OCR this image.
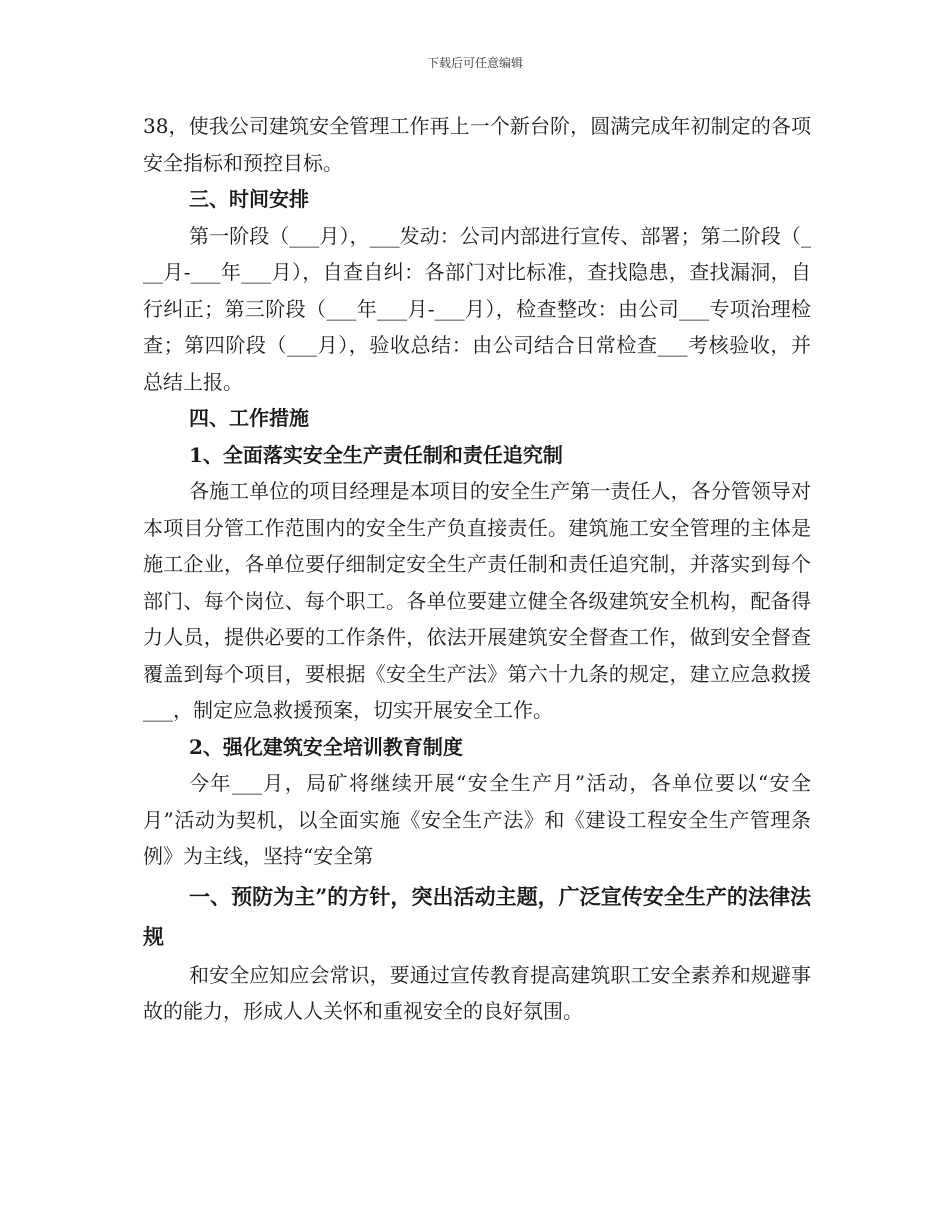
下载后可任意编辑

38，使我公司建筑安全管理工作再上一个新台阶，圆满完成年初制定的各项安全指标和预控目标。

三、时间安排

第一阶段（___月），___发动：公司内部进行宣传、部署；第二阶段（___月-___年___月），自查自纠：各部门对比标准，查找隐患，查找漏洞，自行纠正；第三阶段（___年___月-___月），检查整改：由公司___专项治理检查；第四阶段（___月），验收总结：由公司结合日常检查___考核验收，并总结上报。

四、工作措施

1、全面落实安全生产责任制和责任追究制

各施工单位的项目经理是本项目的安全生产第一责任人，各分管领导对本项目分管工作范围内的安全生产负直接责任。建筑施工安全管理的主体是施工企业，各单位要仔细制定安全生产责任制和责任追究制，并落实到每个部门、每个岗位、每个职工。各单位要建立健全各级建筑安全机构，配备得力人员，提供必要的工作条件，依法开展建筑安全督查工作，做到安全督查覆盖到每个项目，要根据《安全生产法》第六十九条的规定，建立应急救援___，制定应急救援预案，切实开展安全工作。

2、强化建筑安全培训教育制度

今年___月，局矿将继续开展“安全生产月”活动，各单位要以“安全月”活动为契机，以全面实施《安全生产法》和《建设工程安全生产管理条例》为主线，坚持“安全第

一、预防为主”的方针，突出活动主题，广泛宣传安全生产的法律法规

和安全应知应会常识，要通过宣传教育提高建筑职工安全素养和规避事故的能力，形成人人关怀和重视安全的良好氛围。
